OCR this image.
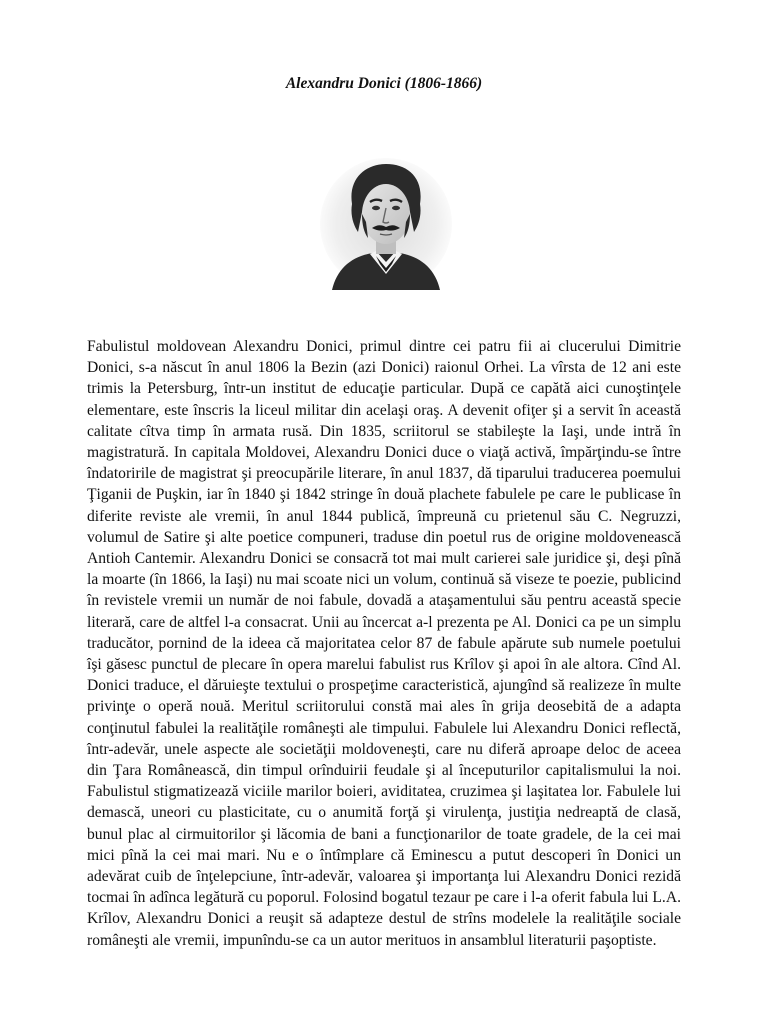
Alexandru Donici (1806-1866)

Fabulistul moldovean Alexandru Donici, primul dintre cei patru fii ai clucerului Dimitrie Donici, s-a născut în anul 1806 la Bezin (azi Donici) raionul Orhei. La vîrsta de 12 ani este trimis la Petersburg, într-un institut de educaţie particular. După ce capătă aici cunoştinţele elementare, este înscris la liceul militar din acelaşi oraş. A devenit ofiţer şi a servit în această calitate cîtva timp în armata rusă. Din 1835, scriitorul se stabileşte la Iaşi, unde intră în magistratură. In capitala Moldovei, Alexandru Donici duce o viaţă activă, împărţindu-se între îndatoririle de magistrat şi preocupările literare, în anul 1837, dă tiparului traducerea poemului Ţiganii de Puşkin, iar în 1840 şi 1842 stringe în două plachete fabulele pe care le publicase în diferite reviste ale vremii, în anul 1844 publică, împreună cu prietenul său C. Negruzzi, volumul de Satire şi alte poetice compuneri, traduse din poetul rus de origine moldovenească Antioh Cantemir. Alexandru Donici se consacră tot mai mult carierei sale juridice şi, deşi pînă la moarte (în 1866, la Iaşi) nu mai scoate nici un volum, continuă să viseze te poezie, publicind în revistele vremii un număr de noi fabule, dovadă a ataşamentului său pentru această specie literară, care de altfel l-a consacrat. Unii au încercat a-l prezenta pe Al. Donici ca pe un simplu traducător, pornind de la ideea că majoritatea celor 87 de fabule apărute sub numele poetului îşi găsesc punctul de plecare în opera marelui fabulist rus Krîlov şi apoi în ale altora. Cînd Al. Donici traduce, el dăruieşte textului o prospeţime caracteristică, ajungînd să realizeze în multe privinţe o operă nouă. Meritul scriitorului constă mai ales în grija deosebită de a adapta conţinutul fabulei la realităţile româneşti ale timpului. Fabulele lui Alexandru Donici reflectă, într-adevăr, unele aspecte ale societăţii moldoveneşti, care nu diferă aproape deloc de aceea din Ţara Românească, din timpul orînduirii feudale şi al începuturilor capitalismului la noi. Fabulistul stigmatizează viciile marilor boieri, aviditatea, cruzimea şi laşitatea lor. Fabulele lui demască, uneori cu plasticitate, cu o anumită forţă şi virulenţa, justiţia nedreaptă de clasă, bunul plac al cirmuitorilor şi lăcomia de bani a funcţionarilor de toate gradele, de la cei mai mici pînă la cei mai mari. Nu e o întîmplare că Eminescu a putut descoperi în Donici un adevărat cuib de înţelepciune, într-adevăr, valoarea şi importanţa lui Alexandru Donici rezidă tocmai în adînca legătură cu poporul. Folosind bogatul tezaur pe care i l-a oferit fabula lui L.A. Krîlov, Alexandru Donici a reuşit să adapteze destul de strîns modelele la realităţile sociale româneşti ale vremii, impunîndu-se ca un autor merituos in ansamblul literaturii paşoptiste.
